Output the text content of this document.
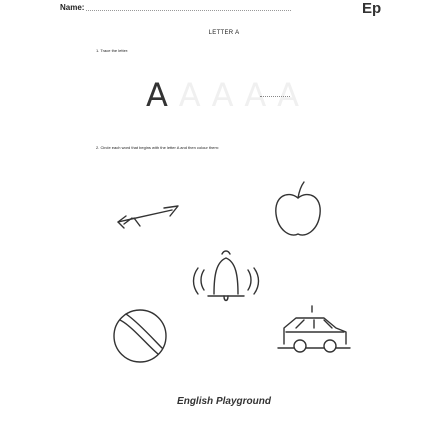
Name:	Ep
LETTER A
1. Trace the letter:
AAAAA
2. Circle each word that begins with the letter A and then colour them:
English Playground
